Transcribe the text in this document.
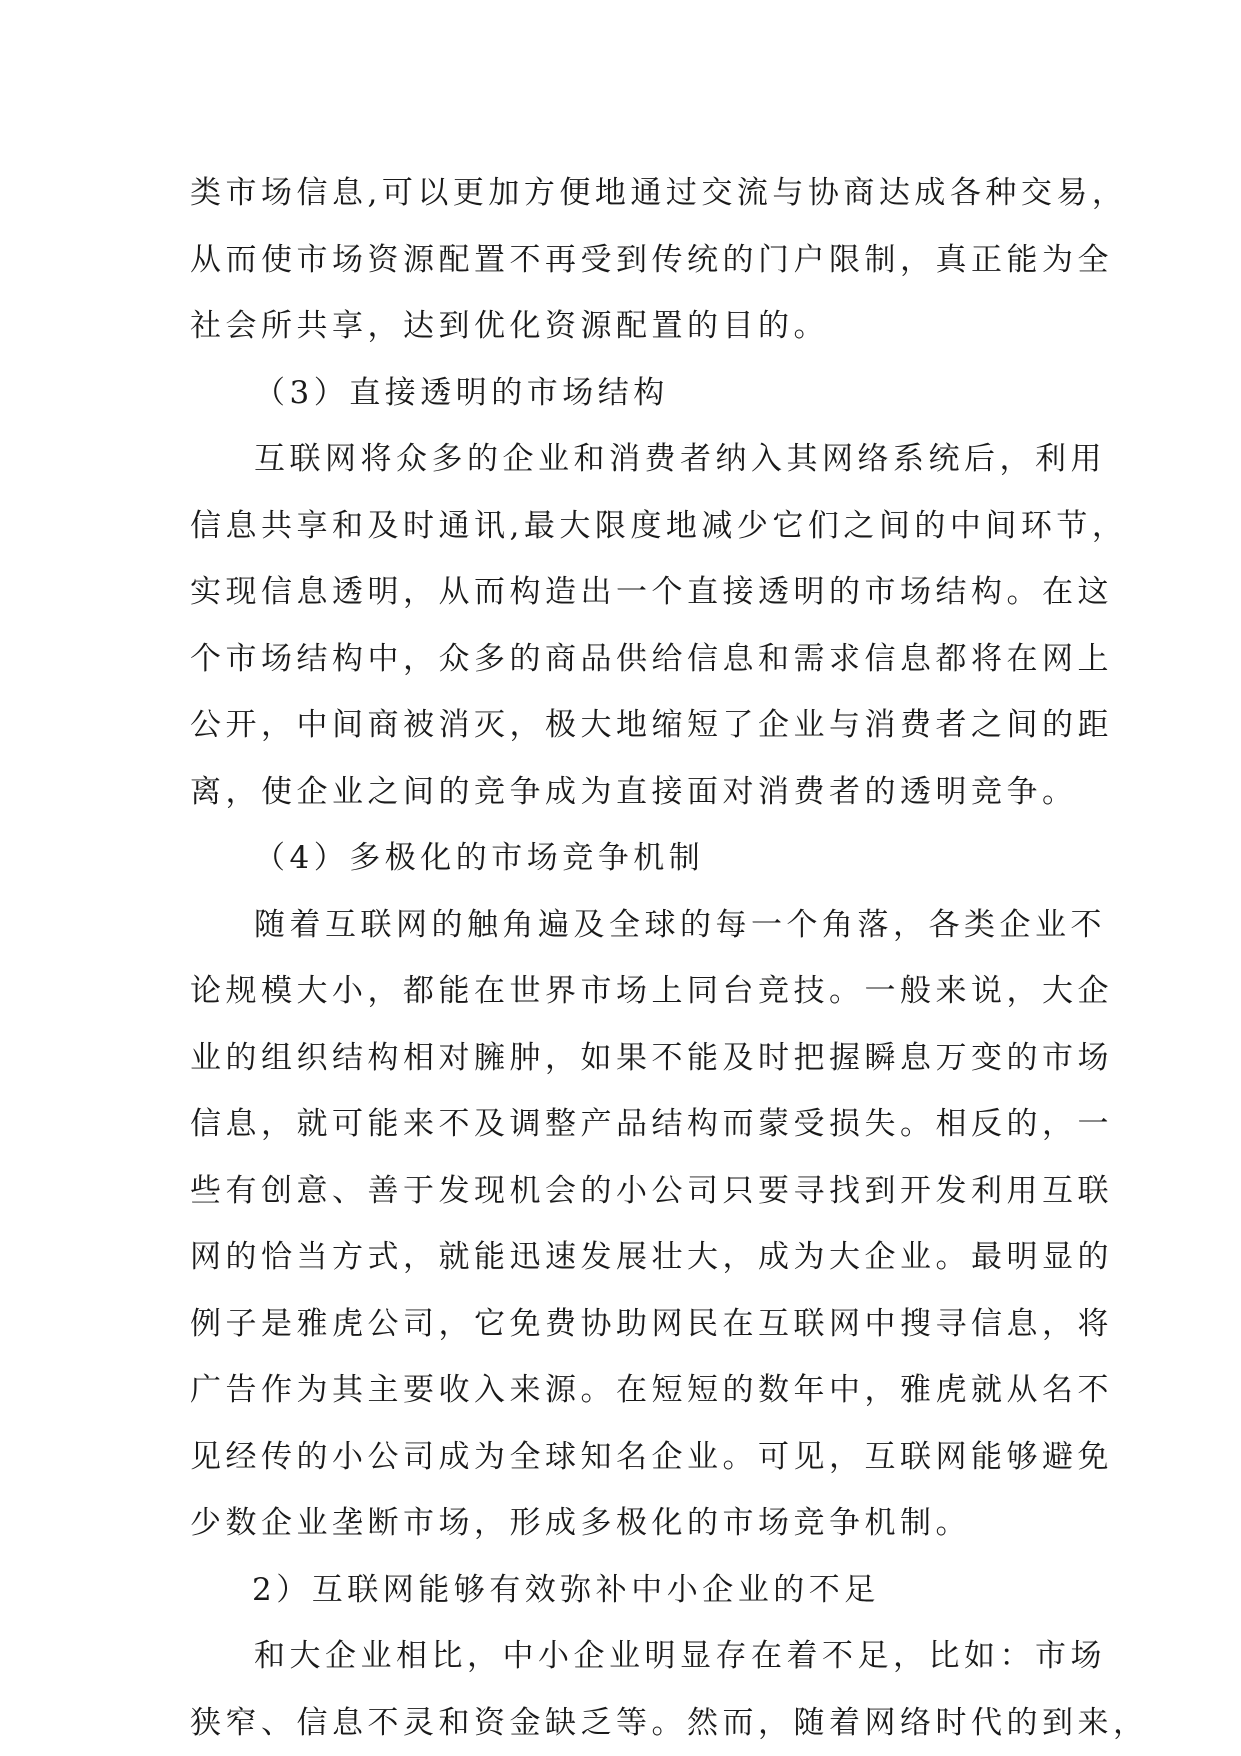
类市场信息,可以更加方便地通过交流与协商达成各种交易，
从而使市场资源配置不再受到传统的门户限制，真正能为全
社会所共享，达到优化资源配置的目的。
（3）直接透明的市场结构
互联网将众多的企业和消费者纳入其网络系统后，利用
信息共享和及时通讯,最大限度地减少它们之间的中间环节，
实现信息透明，从而构造出一个直接透明的市场结构。在这
个市场结构中，众多的商品供给信息和需求信息都将在网上
公开，中间商被消灭，极大地缩短了企业与消费者之间的距
离，使企业之间的竞争成为直接面对消费者的透明竞争。
（4）多极化的市场竞争机制
随着互联网的触角遍及全球的每一个角落，各类企业不
论规模大小，都能在世界市场上同台竞技。一般来说，大企
业的组织结构相对臃肿，如果不能及时把握瞬息万变的市场
信息，就可能来不及调整产品结构而蒙受损失。相反的，一
些有创意、善于发现机会的小公司只要寻找到开发利用互联
网的恰当方式，就能迅速发展壮大，成为大企业。最明显的
例子是雅虎公司，它免费协助网民在互联网中搜寻信息，将
广告作为其主要收入来源。在短短的数年中，雅虎就从名不
见经传的小公司成为全球知名企业。可见，互联网能够避免
少数企业垄断市场，形成多极化的市场竞争机制。
2）互联网能够有效弥补中小企业的不足
和大企业相比，中小企业明显存在着不足，比如：市场
狭窄、信息不灵和资金缺乏等。然而，随着网络时代的到来，
